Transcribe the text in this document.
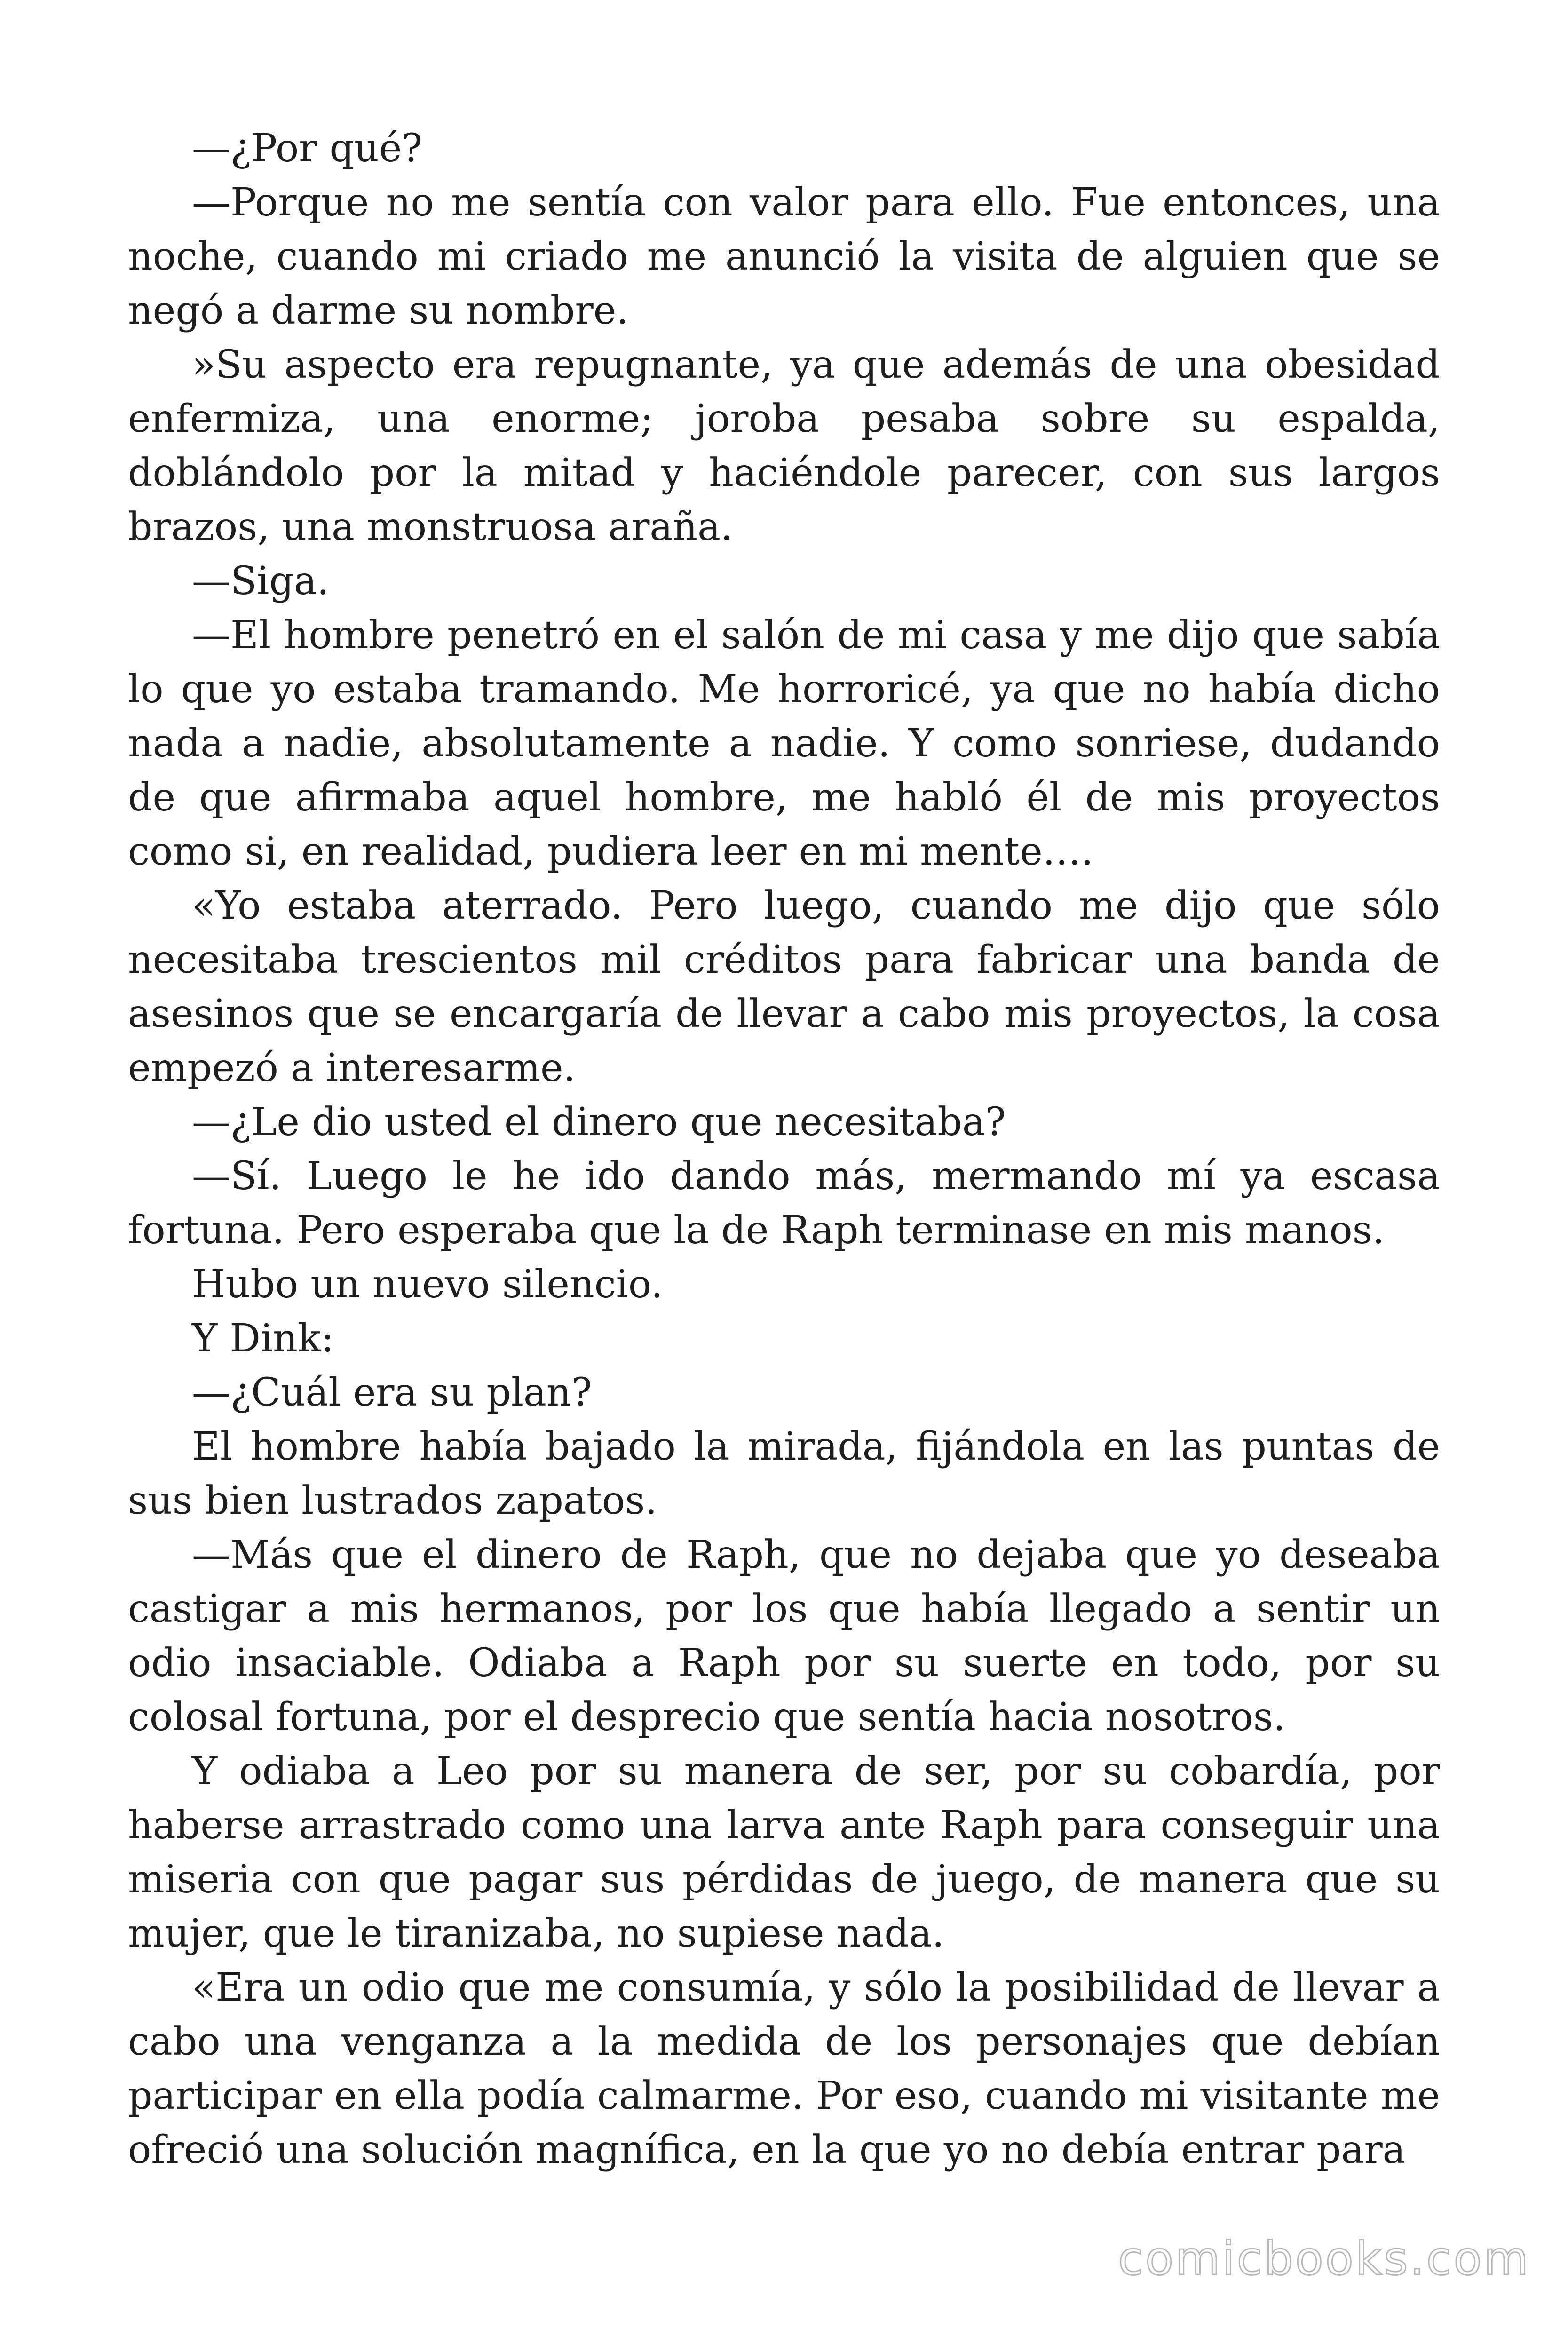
—¿Por qué?

—Porque no me sentía con valor para ello. Fue entonces, una noche, cuando mi criado me anunció la visita de alguien que se negó a darme su nombre.

»Su aspecto era repugnante, ya que además de una obesidad enfermiza, una enorme; joroba pesaba sobre su espalda, doblándolo por la mitad y haciéndole parecer, con sus largos brazos, una monstruosa araña.

—Siga.

—El hombre penetró en el salón de mi casa y me dijo que sabía lo que yo estaba tramando. Me horroricé, ya que no había dicho nada a nadie, absolutamente a nadie. Y como sonriese, dudando de que afirmaba aquel hombre, me habló él de mis proyectos como si, en realidad, pudiera leer en mi mente….

«Yo estaba aterrado. Pero luego, cuando me dijo que sólo necesitaba trescientos mil créditos para fabricar una banda de asesinos que se encargaría de llevar a cabo mis proyectos, la cosa empezó a interesarme.

—¿Le dio usted el dinero que necesitaba?

—Sí. Luego le he ido dando más, mermando mí ya escasa fortuna. Pero esperaba que la de Raph terminase en mis manos.

Hubo un nuevo silencio.

Y Dink:

—¿Cuál era su plan?

El hombre había bajado la mirada, fijándola en las puntas de sus bien lustrados zapatos.

—Más que el dinero de Raph, que no dejaba que yo deseaba castigar a mis hermanos, por los que había llegado a sentir un odio insaciable. Odiaba a Raph por su suerte en todo, por su colosal fortuna, por el desprecio que sentía hacia nosotros.

Y odiaba a Leo por su manera de ser, por su cobardía, por haberse arrastrado como una larva ante Raph para conseguir una miseria con que pagar sus pérdidas de juego, de manera que su mujer, que le tiranizaba, no supiese nada.

«Era un odio que me consumía, y sólo la posibilidad de llevar a cabo una venganza a la medida de los personajes que debían participar en ella podía calmarme. Por eso, cuando mi visitante me ofreció una solución magnífica, en la que yo no debía entrar para

comicbooks.com
